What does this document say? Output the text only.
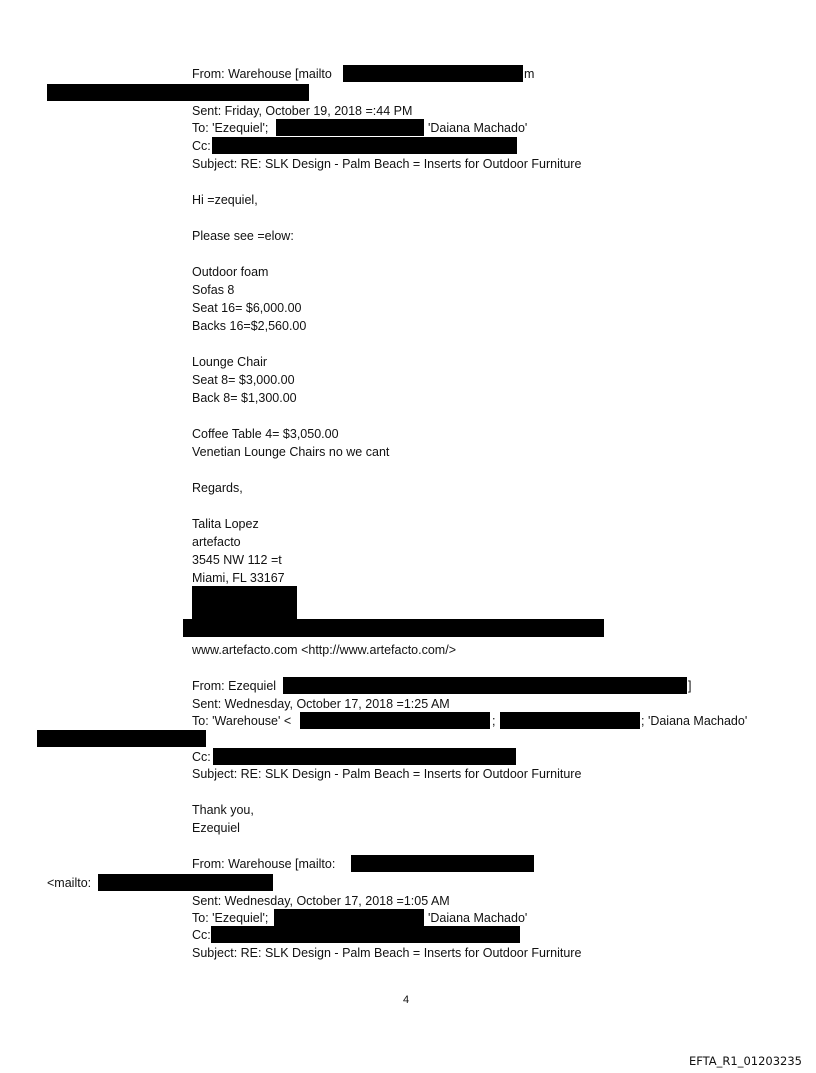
From: Warehouse [mailto	m
Sent: Friday, October 19, 2018 =:44 PM
To: 'Ezequiel';	'Daiana Machado'
Cc:
Subject: RE: SLK Design - Palm Beach = Inserts for Outdoor Furniture
Hi =zequiel,
Please see =elow:
Outdoor foam
Sofas 8
Seat 16= $6,000.00
Backs 16=$2,560.00
Lounge Chair
Seat 8= $3,000.00
Back 8= $1,300.00
Coffee Table 4= $3,050.00
Venetian Lounge Chairs no we cant
Regards,
Talita Lopez
artefacto
3545 NW 112 =t
Miami, FL 33167
www.artefacto.com <http://www.artefacto.com/>
From: Ezequiel	]
Sent: Wednesday, October 17, 2018 =1:25 AM
To: 'Warehouse' <	;	; 'Daiana Machado'
Cc:
Subject: RE: SLK Design - Palm Beach = Inserts for Outdoor Furniture
Thank you,
Ezequiel
From: Warehouse [mailto:
<mailto:
Sent: Wednesday, October 17, 2018 =1:05 AM
To: 'Ezequiel';	'Daiana Machado'
Cc:
Subject: RE: SLK Design - Palm Beach = Inserts for Outdoor Furniture
4
EFTA_R1_01203235
